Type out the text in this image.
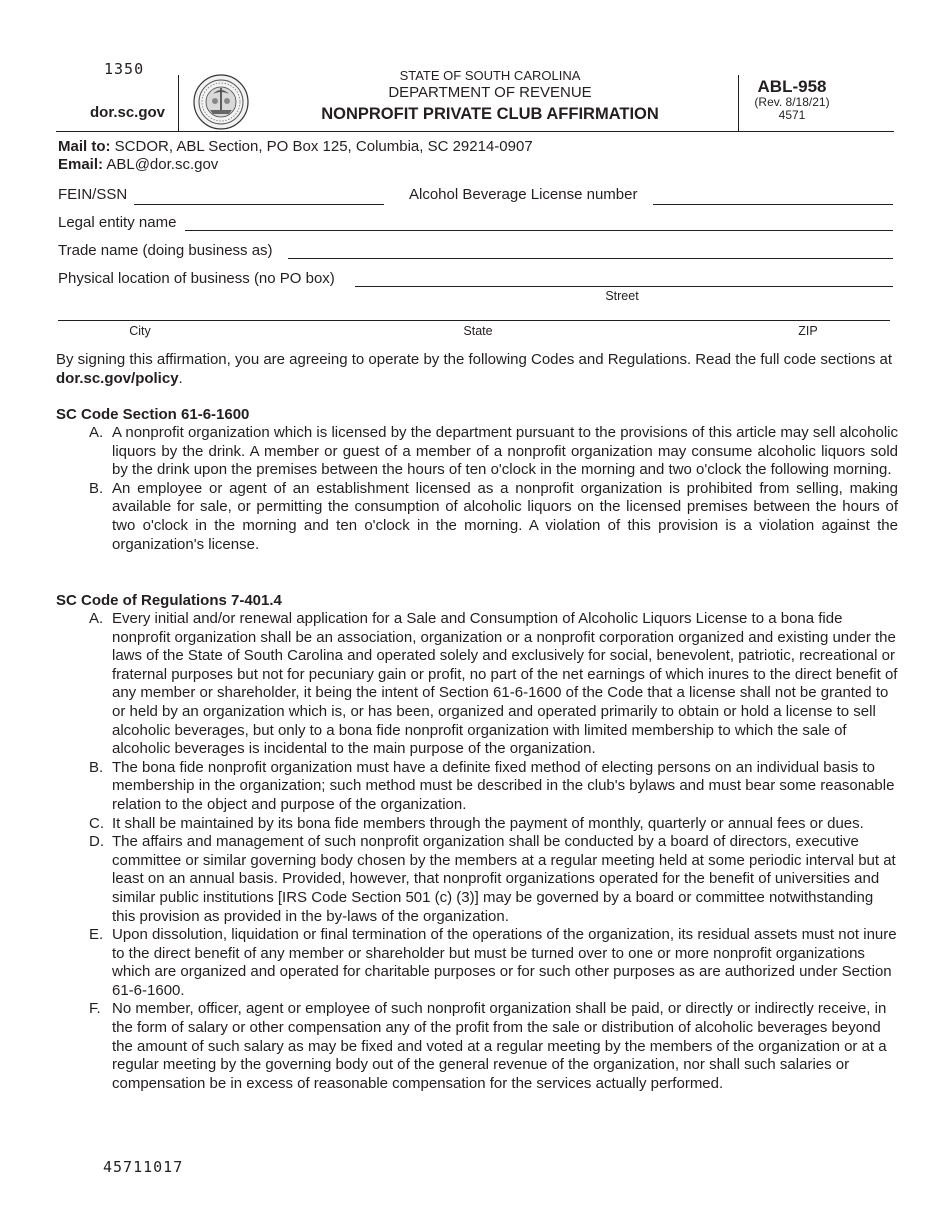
1350
dor.sc.gov
STATE OF SOUTH CAROLINA
DEPARTMENT OF REVENUE
NONPROFIT PRIVATE CLUB AFFIRMATION
ABL-958
(Rev. 8/18/21)
4571
Mail to: SCDOR, ABL Section, PO Box 125, Columbia, SC 29214-0907
Email: ABL@dor.sc.gov
FEIN/SSN	Alcohol Beverage License number
Legal entity name
Trade name (doing business as)
Physical location of business (no PO box)
Street
City	State	ZIP
By signing this affirmation, you are agreeing to operate by the following Codes and Regulations. Read the full code sections at dor.sc.gov/policy.
SC Code Section 61-6-1600
A. A nonprofit organization which is licensed by the department pursuant to the provisions of this article may sell alcoholic liquors by the drink. A member or guest of a member of a nonprofit organization may consume alcoholic liquors sold by the drink upon the premises between the hours of ten o'clock in the morning and two o'clock the following morning.
B. An employee or agent of an establishment licensed as a nonprofit organization is prohibited from selling, making available for sale, or permitting the consumption of alcoholic liquors on the licensed premises between the hours of two o'clock in the morning and ten o'clock in the morning. A violation of this provision is a violation against the organization's license.
SC Code of Regulations 7-401.4
A. Every initial and/or renewal application for a Sale and Consumption of Alcoholic Liquors License to a bona fide nonprofit organization shall be an association, organization or a nonprofit corporation organized and existing under the laws of the State of South Carolina and operated solely and exclusively for social, benevolent, patriotic, recreational or fraternal purposes but not for pecuniary gain or profit, no part of the net earnings of which inures to the direct benefit of any member or shareholder, it being the intent of Section 61-6-1600 of the Code that a license shall not be granted to or held by an organization which is, or has been, organized and operated primarily to obtain or hold a license to sell alcoholic beverages, but only to a bona fide nonprofit organization with limited membership to which the sale of alcoholic beverages is incidental to the main purpose of the organization.
B. The bona fide nonprofit organization must have a definite fixed method of electing persons on an individual basis to membership in the organization; such method must be described in the club's bylaws and must bear some reasonable relation to the object and purpose of the organization.
C. It shall be maintained by its bona fide members through the payment of monthly, quarterly or annual fees or dues.
D. The affairs and management of such nonprofit organization shall be conducted by a board of directors, executive committee or similar governing body chosen by the members at a regular meeting held at some periodic interval but at least on an annual basis. Provided, however, that nonprofit organizations operated for the benefit of universities and similar public institutions [IRS Code Section 501 (c) (3)] may be governed by a board or committee notwithstanding this provision as provided in the by-laws of the organization.
E. Upon dissolution, liquidation or final termination of the operations of the organization, its residual assets must not inure to the direct benefit of any member or shareholder but must be turned over to one or more nonprofit organizations which are organized and operated for charitable purposes or for such other purposes as are authorized under Section 61-6-1600.
F. No member, officer, agent or employee of such nonprofit organization shall be paid, or directly or indirectly receive, in the form of salary or other compensation any of the profit from the sale or distribution of alcoholic beverages beyond the amount of such salary as may be fixed and voted at a regular meeting by the members of the organization or at a regular meeting by the governing body out of the general revenue of the organization, nor shall such salaries or compensation be in excess of reasonable compensation for the services actually performed.
45711017
